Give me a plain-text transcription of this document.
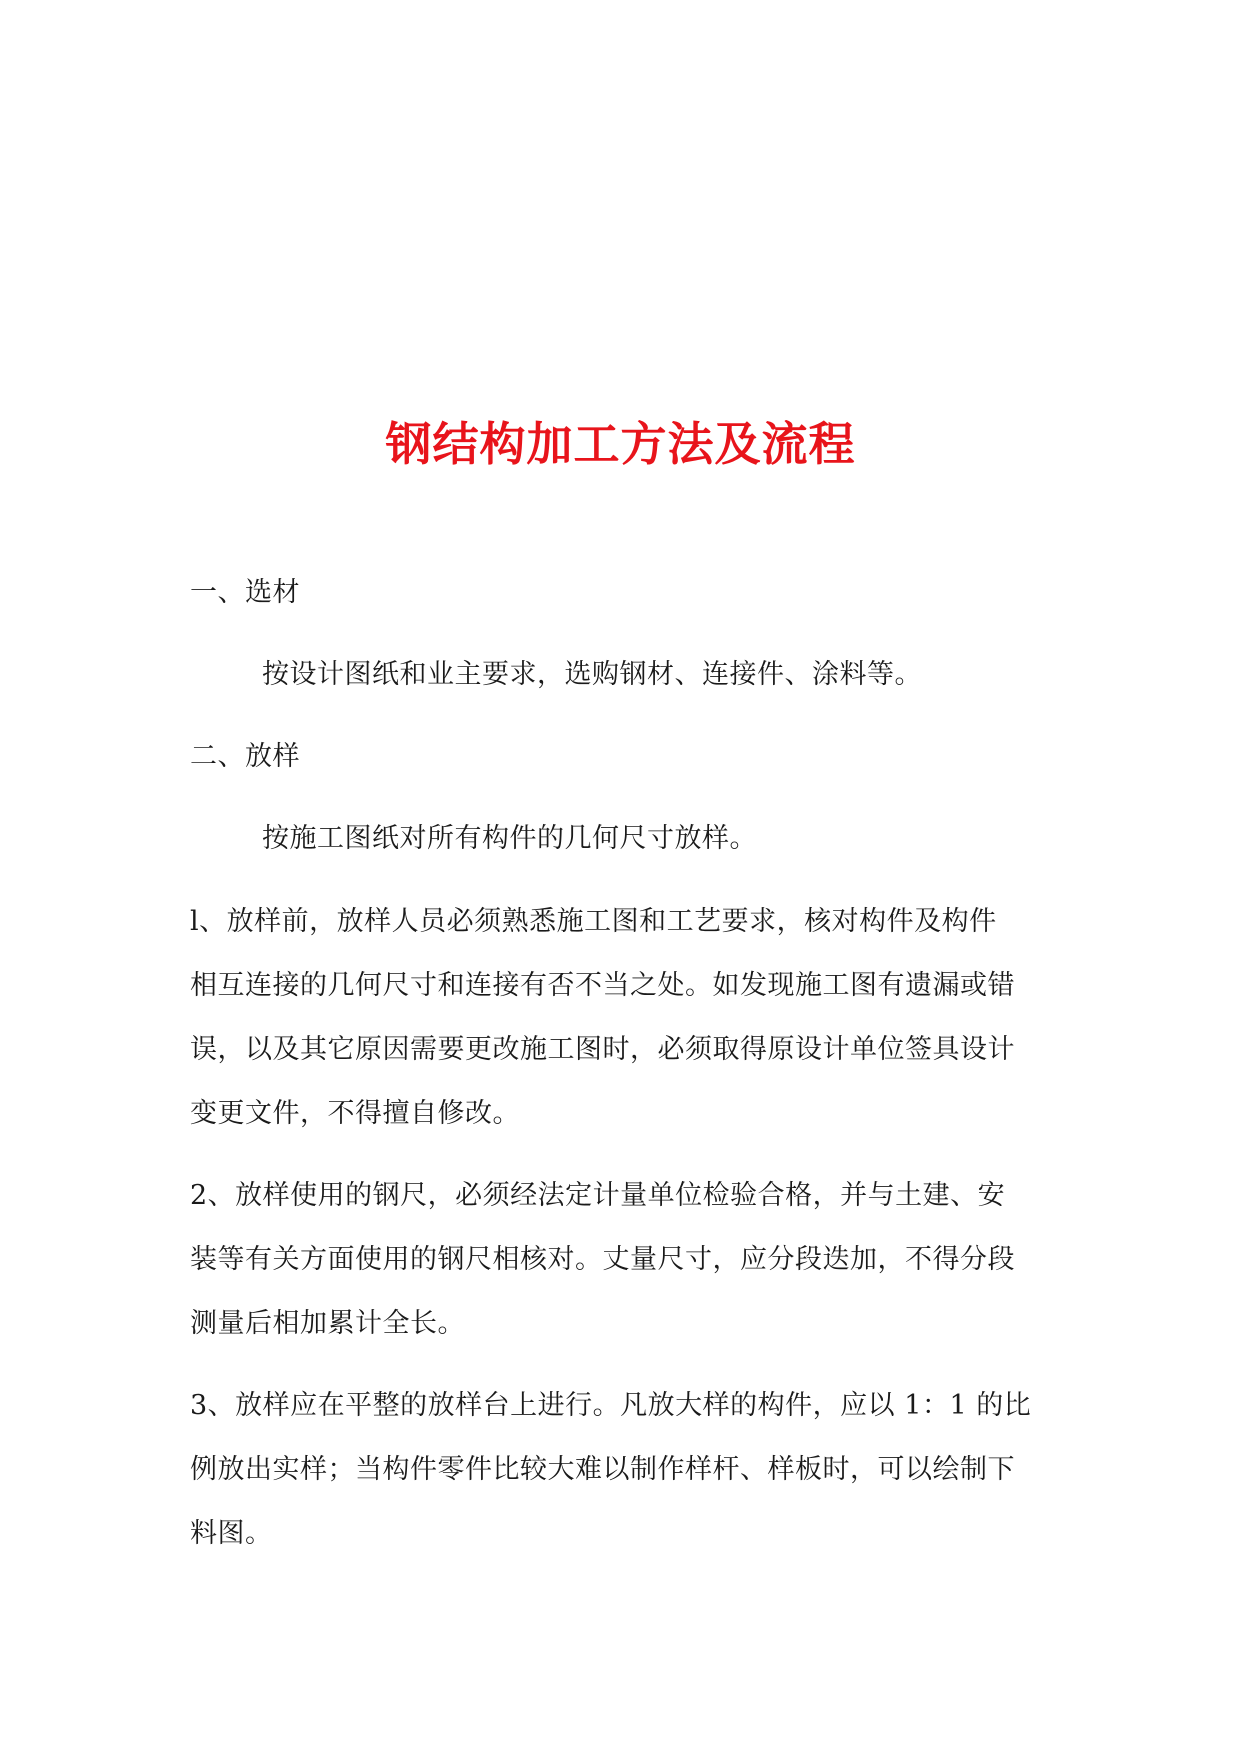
钢结构加工方法及流程
一、选材
按设计图纸和业主要求，选购钢材、连接件、涂料等。
二、放样
按施工图纸对所有构件的几何尺寸放样。
l、放样前，放样人员必须熟悉施工图和工艺要求，核对构件及构件
相互连接的几何尺寸和连接有否不当之处。如发现施工图有遗漏或错
误，以及其它原因需要更改施工图时，必须取得原设计单位签具设计
变更文件，不得擅自修改。
2、放样使用的钢尺，必须经法定计量单位检验合格，并与土建、安
装等有关方面使用的钢尺相核对。丈量尺寸，应分段迭加，不得分段
测量后相加累计全长。
3、放样应在平整的放样台上进行。凡放大样的构件，应以 1：1 的比
例放出实样；当构件零件比较大难以制作样杆、样板时，可以绘制下
料图。
